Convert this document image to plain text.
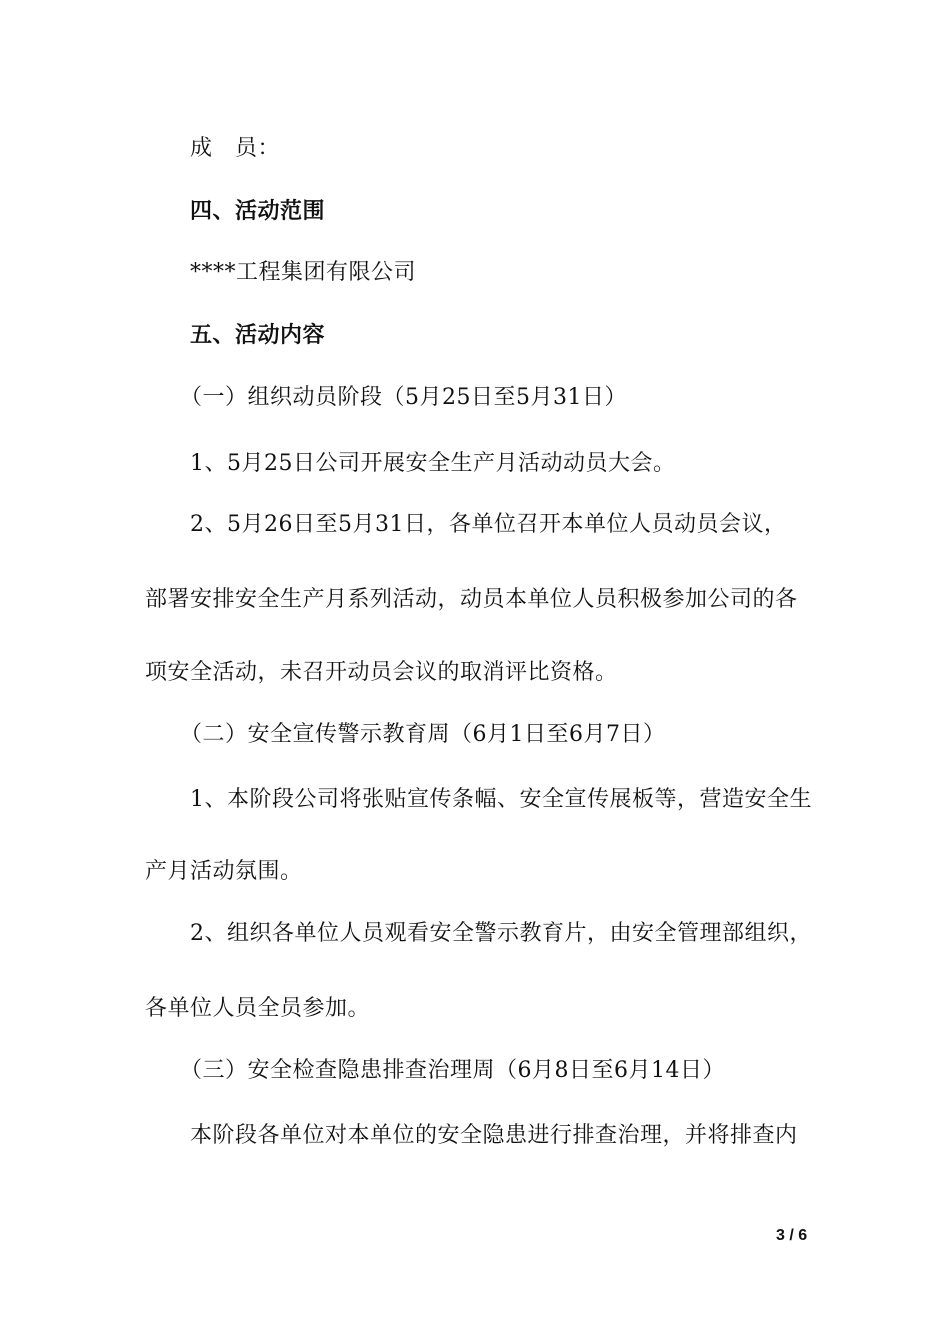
成　员：
四、活动范围
****工程集团有限公司
五、活动内容
（一）组织动员阶段（5月25日至5月31日）
1、5月25日公司开展安全生产月活动动员大会。
2、5月26日至5月31日，各单位召开本单位人员动员会议，
部署安排安全生产月系列活动，动员本单位人员积极参加公司的各
项安全活动，未召开动员会议的取消评比资格。
（二）安全宣传警示教育周（6月1日至6月7日）
1、本阶段公司将张贴宣传条幅、安全宣传展板等，营造安全生
产月活动氛围。
2、组织各单位人员观看安全警示教育片，由安全管理部组织，
各单位人员全员参加。
（三）安全检查隐患排查治理周（6月8日至6月14日）
本阶段各单位对本单位的安全隐患进行排查治理，并将排查内
3 / 6
